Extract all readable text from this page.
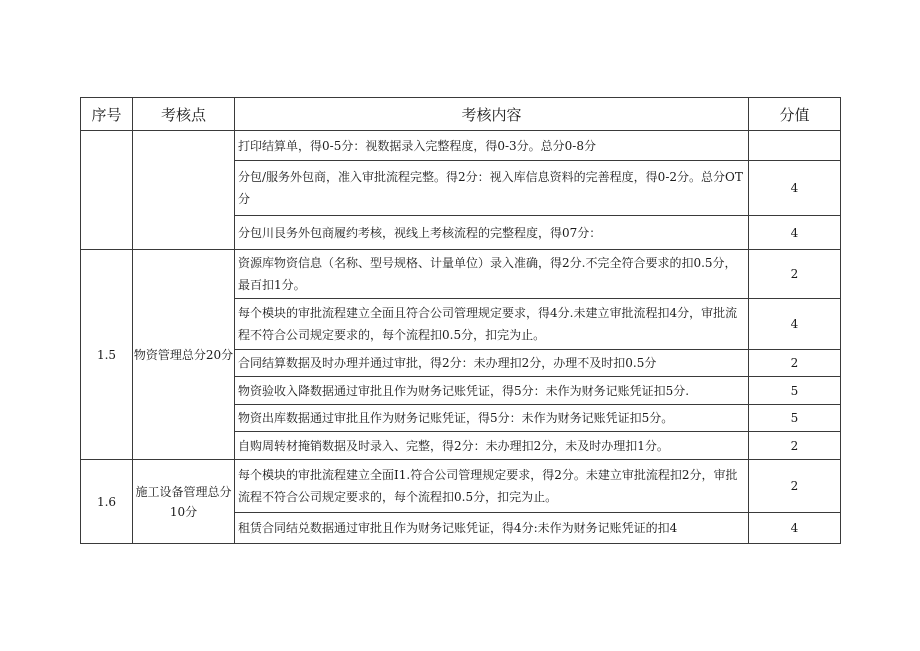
序号	考核点	考核内容	分值
		打印结算单，得0-5分：视数据录入完整程度，得0-3分。总分0-8分	
		分包/服务外包商，准入审批流程完整。得2分：视入库信息资料的完善程度，得0-2分。总分OT分	4
		分包川艮务外包商履约考核，视线上考核流程的完整程度，得07分：	4
1.5	物资管理总分20分	资源库物资信息（名称、型号规格、计量单位）录入准确，得2分.不完全符合要求的扣0.5分，最百扣1分。	2
		每个模块的审批流程建立全面且符合公司管理规定要求，得4分.未建立审批流程扣4分，审批流程不符合公司规定要求的，每个流程扣0.5分，扣完为止。	4
		合同结算数据及时办理并通过审批，得2分：未办理扣2分，办理不及时扣0.5分	2
		物资验收入降数据通过审批且作为财务记账凭证，得5分：未作为财务记账凭证扣5分.	5
		物资出库数据通过审批且作为财务记账凭证，得5分：未作为财务记账凭证扣5分。	5
		自购周转材掩销数据及时录入、完整，得2分：未办理扣2分，未及时办理扣1分。	2
1.6	施工设备管理总分10分	每个模块的审批流程建立全面I1.符合公司管理规定要求，得2分。未建立审批流程扣2分，审批流程不符合公司规定要求的，每个流程扣0.5分，扣完为止。	2
		租赁合同结兑数据通过审批且作为财务记账凭证，得4分:未作为财务记账凭证的扣4	4
